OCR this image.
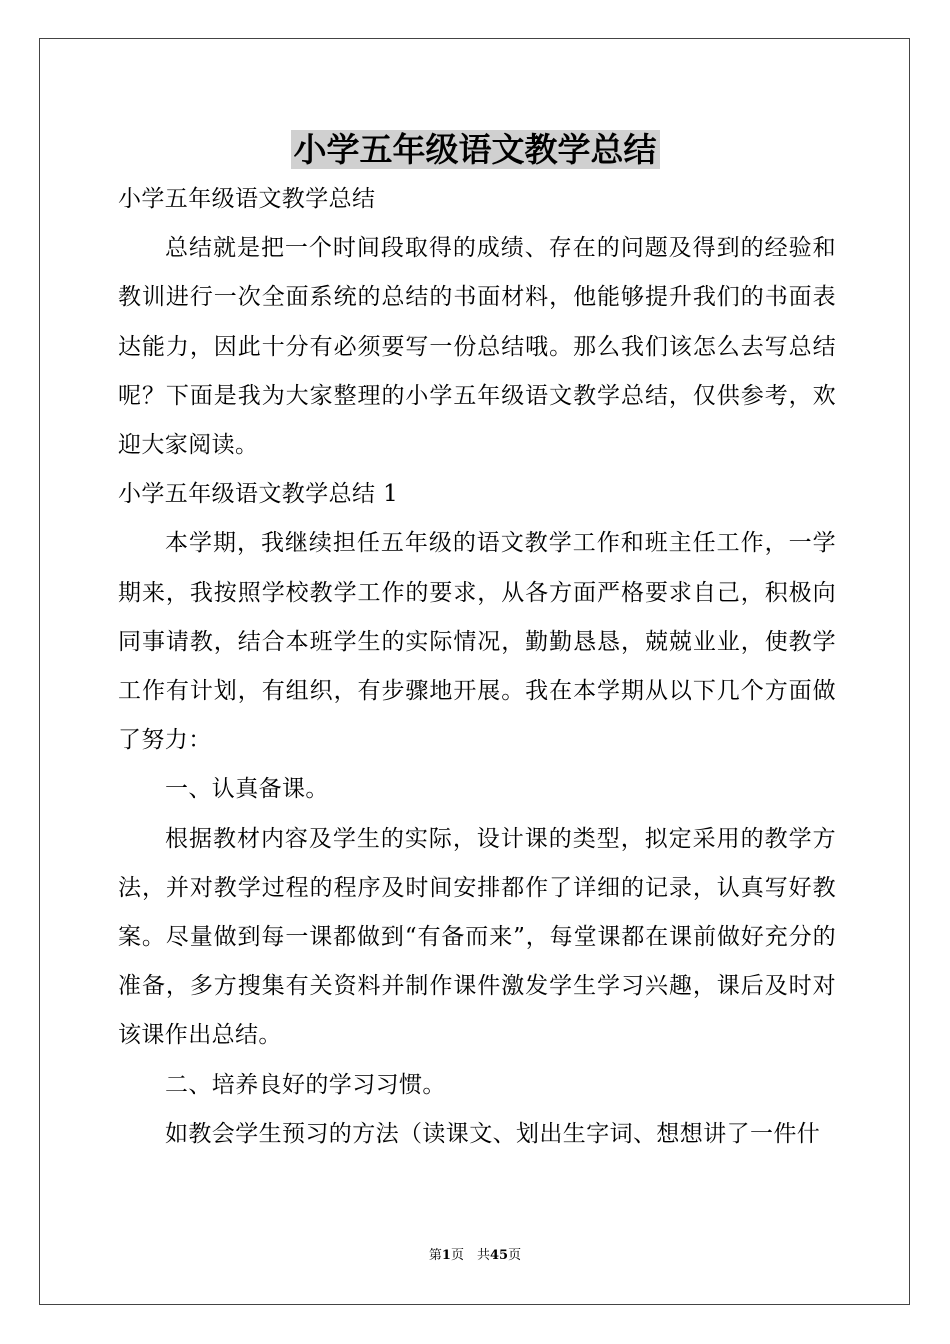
小学五年级语文教学总结

小学五年级语文教学总结

总结就是把一个时间段取得的成绩、存在的问题及得到的经验和教训进行一次全面系统的总结的书面材料，他能够提升我们的书面表达能力，因此十分有必须要写一份总结哦。那么我们该怎么去写总结呢？下面是我为大家整理的小学五年级语文教学总结，仅供参考，欢迎大家阅读。

小学五年级语文教学总结 1

本学期，我继续担任五年级的语文教学工作和班主任工作，一学期来，我按照学校教学工作的要求，从各方面严格要求自己，积极向同事请教，结合本班学生的实际情况，勤勤恳恳，兢兢业业，使教学工作有计划，有组织，有步骤地开展。我在本学期从以下几个方面做了努力：

一、认真备课。

根据教材内容及学生的实际，设计课的类型，拟定采用的教学方法，并对教学过程的程序及时间安排都作了详细的记录，认真写好教案。尽量做到每一课都做到“有备而来”，每堂课都在课前做好充分的准备，多方搜集有关资料并制作课件激发学生学习兴趣，课后及时对该课作出总结。

二、培养良好的学习习惯。

如教会学生预习的方法（读课文、划出生字词、想想讲了一件什

第1页　共45页
